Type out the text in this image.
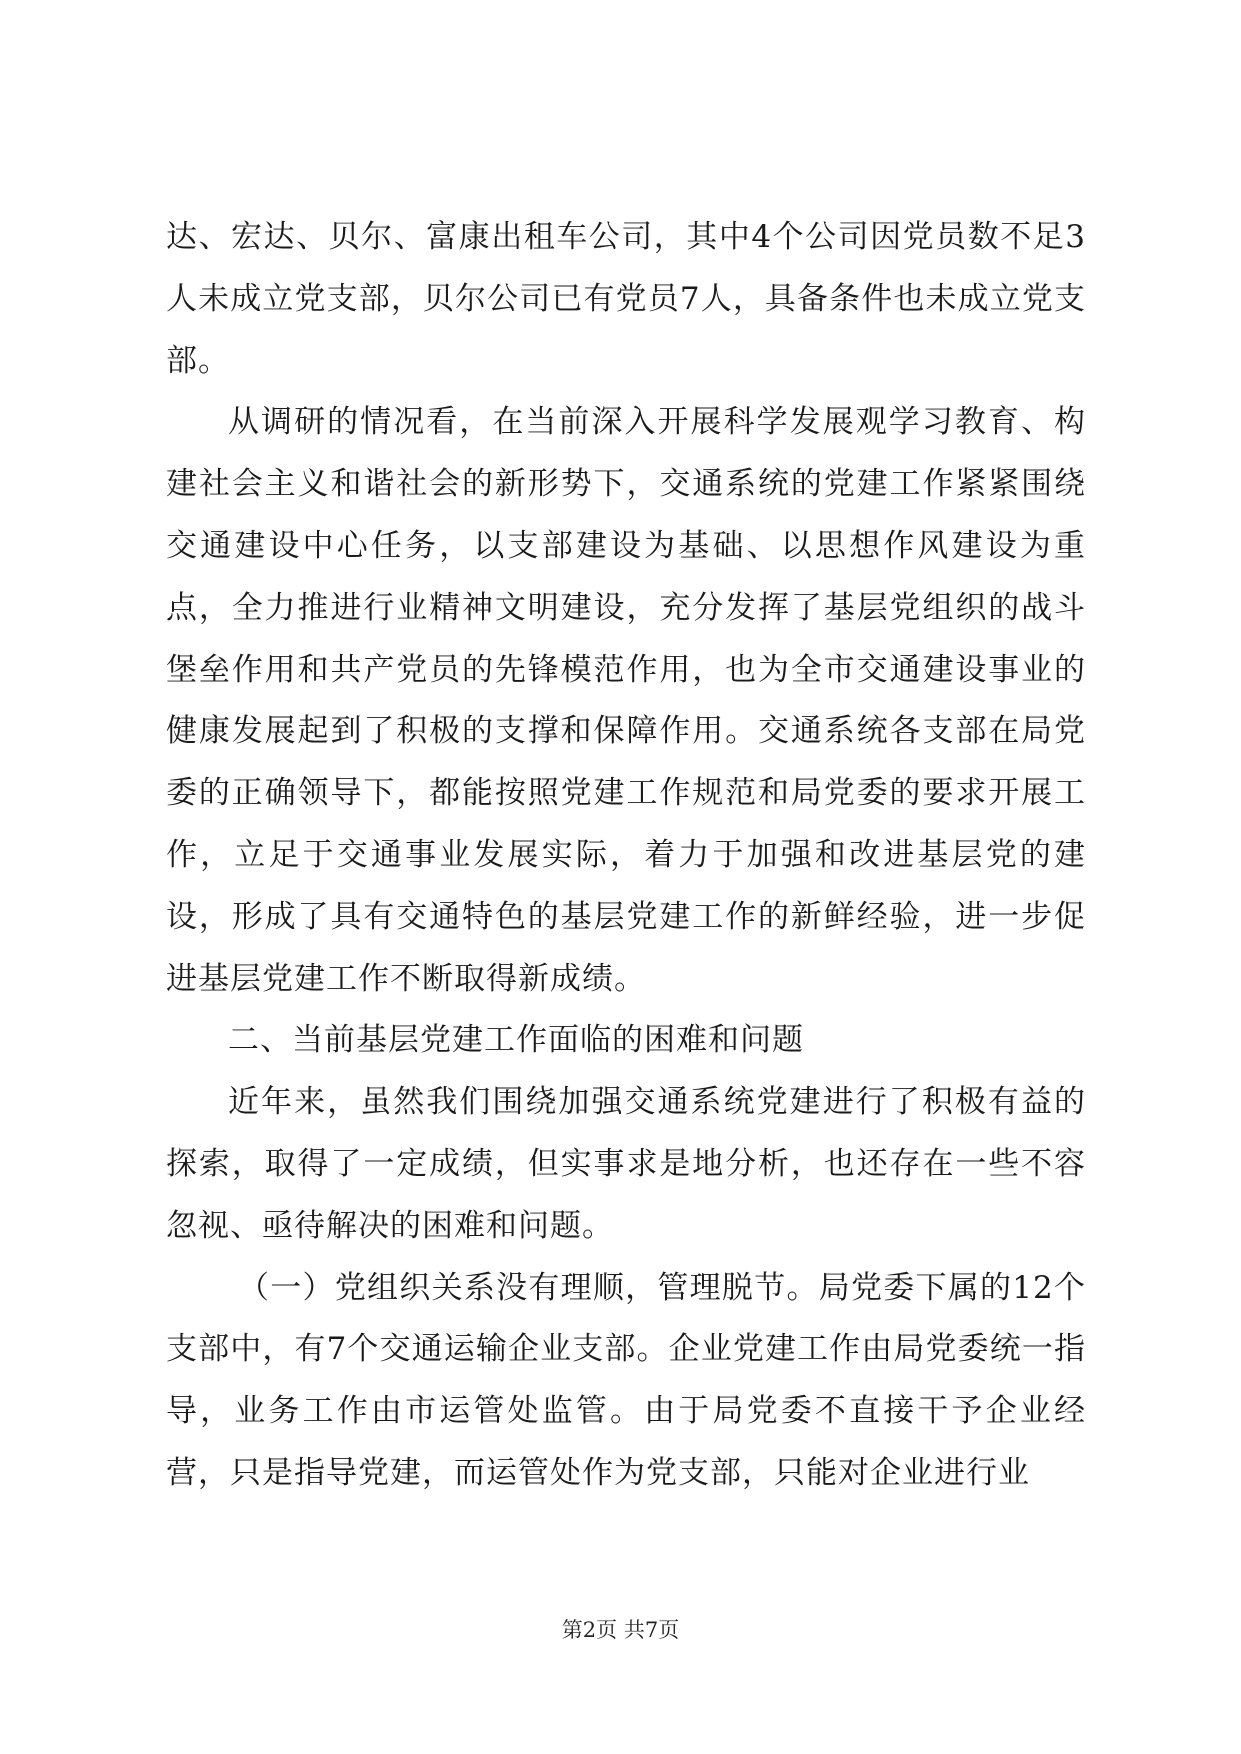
达、宏达、贝尔、富康出租车公司，其中4个公司因党员数不足3人未成立党支部，贝尔公司已有党员7人，具备条件也未成立党支部。

从调研的情况看，在当前深入开展科学发展观学习教育、构建社会主义和谐社会的新形势下，交通系统的党建工作紧紧围绕交通建设中心任务，以支部建设为基础、以思想作风建设为重点，全力推进行业精神文明建设，充分发挥了基层党组织的战斗堡垒作用和共产党员的先锋模范作用，也为全市交通建设事业的健康发展起到了积极的支撑和保障作用。交通系统各支部在局党委的正确领导下，都能按照党建工作规范和局党委的要求开展工作，立足于交通事业发展实际，着力于加强和改进基层党的建设，形成了具有交通特色的基层党建工作的新鲜经验，进一步促进基层党建工作不断取得新成绩。

二、当前基层党建工作面临的困难和问题

近年来，虽然我们围绕加强交通系统党建进行了积极有益的探索，取得了一定成绩，但实事求是地分析，也还存在一些不容忽视、亟待解决的困难和问题。

（一）党组织关系没有理顺，管理脱节。局党委下属的12个支部中，有7个交通运输企业支部。企业党建工作由局党委统一指导，业务工作由市运管处监管。由于局党委不直接干予企业经营，只是指导党建，而运管处作为党支部，只能对企业进行业

第2页 共7页
